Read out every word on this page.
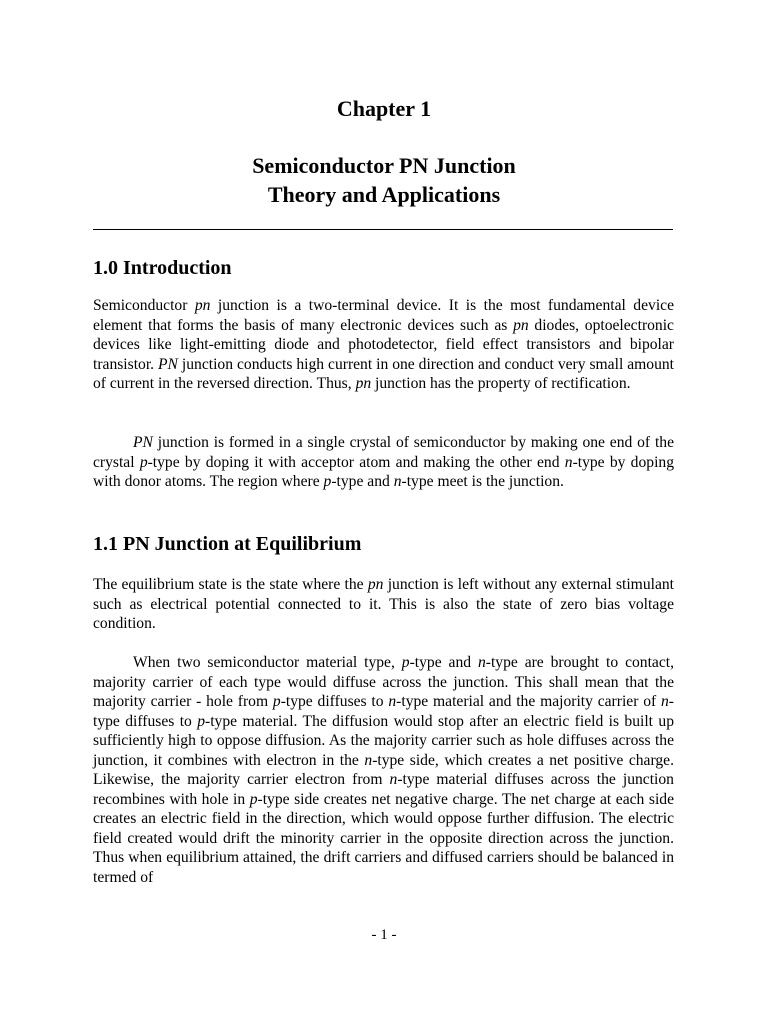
Chapter 1
Semiconductor PN Junction
Theory and Applications
1.0 Introduction

Semiconductor pn junction is a two-terminal device. It is the most fundamental device element that forms the basis of many electronic devices such as pn diodes, optoelectronic devices like light-emitting diode and photodetector, field effect transistors and bipolar transistor. PN junction conducts high current in one direction and conduct very small amount of current in the reversed direction. Thus, pn junction has the property of rectification.

PN junction is formed in a single crystal of semiconductor by making one end of the crystal p-type by doping it with acceptor atom and making the other end n-type by doping with donor atoms. The region where p-type and n-type meet is the junction.

1.1 PN Junction at Equilibrium

The equilibrium state is the state where the pn junction is left without any external stimulant such as electrical potential connected to it. This is also the state of zero bias voltage condition.

When two semiconductor material type, p-type and n-type are brought to contact, majority carrier of each type would diffuse across the junction. This shall mean that the majority carrier - hole from p-type diffuses to n-type material and the majority carrier of n-type diffuses to p-type material. The diffusion would stop after an electric field is built up sufficiently high to oppose diffusion. As the majority carrier such as hole diffuses across the junction, it combines with electron in the n-type side, which creates a net positive charge. Likewise, the majority carrier electron from n-type material diffuses across the junction recombines with hole in p-type side creates net negative charge. The net charge at each side creates an electric field in the direction, which would oppose further diffusion. The electric field created would drift the minority carrier in the opposite direction across the junction. Thus when equilibrium attained, the drift carriers and diffused carriers should be balanced in termed of

- 1 -
